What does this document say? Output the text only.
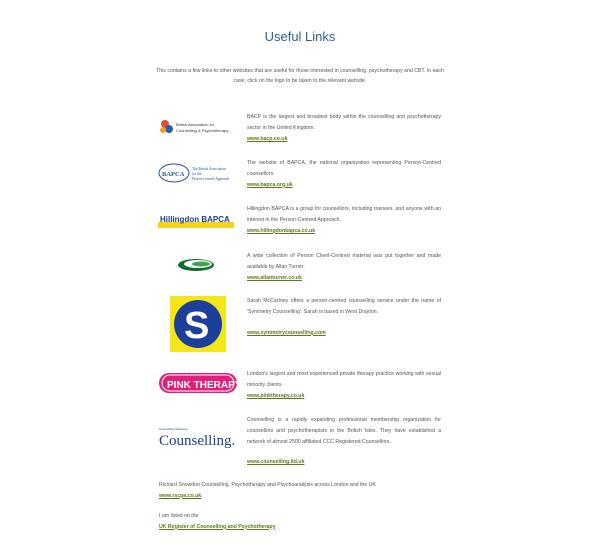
Useful Links
This contains a few links to other websites that are useful for those interested in counselling, psychotherapy and CBT. In each case, click on the logo to be taken to the relevant website.
British Association for
Counselling & Psychotherapy
BACP is the largest and broadest body within the counselling and psychotherapy sector in the United Kingdom.
www.bacp.co.uk
BAPCA
The British Association
for the
Person-Centred Approach
The website of BAPCA, the national organization representing Person-Centred counsellors.
www.bapca.org.uk
Hillingdon BAPCA
Hillingdon BAPCA is a group for counsellors, including trainees, and anyone with an interest in the Person-Centred Approach.
www.hillingdonbapca.co.uk
A wide collection of Person Client-Centred material was put together and made available by Allan Turner.
www.allanturner.co.uk
S
Sarah McCartney offers a person-centred counselling service under the name of 'Symmetry Counselling'. Sarah is based in West Drayton.
www.symmetrycounselling.com
PINK THERAPY
London's largest and most experienced private therapy practice working with sexual minority clients.
www.pinktherapy.co.uk
Counselling Directory
Counselling.
Counselling is a rapidly expanding professional membership organization for counsellors and psychotherapists in the British Isles. They have established a network of almost 2500 affiliated CCC Registered Counsellors.
www.counselling.ltd.uk
Richard Snowdon Counselling, Psychotherapy and Psychoanalysis across London and the UK
www.rscpa.co.uk
I am listed on the
UK Register of Counselling and Psychotherapy
